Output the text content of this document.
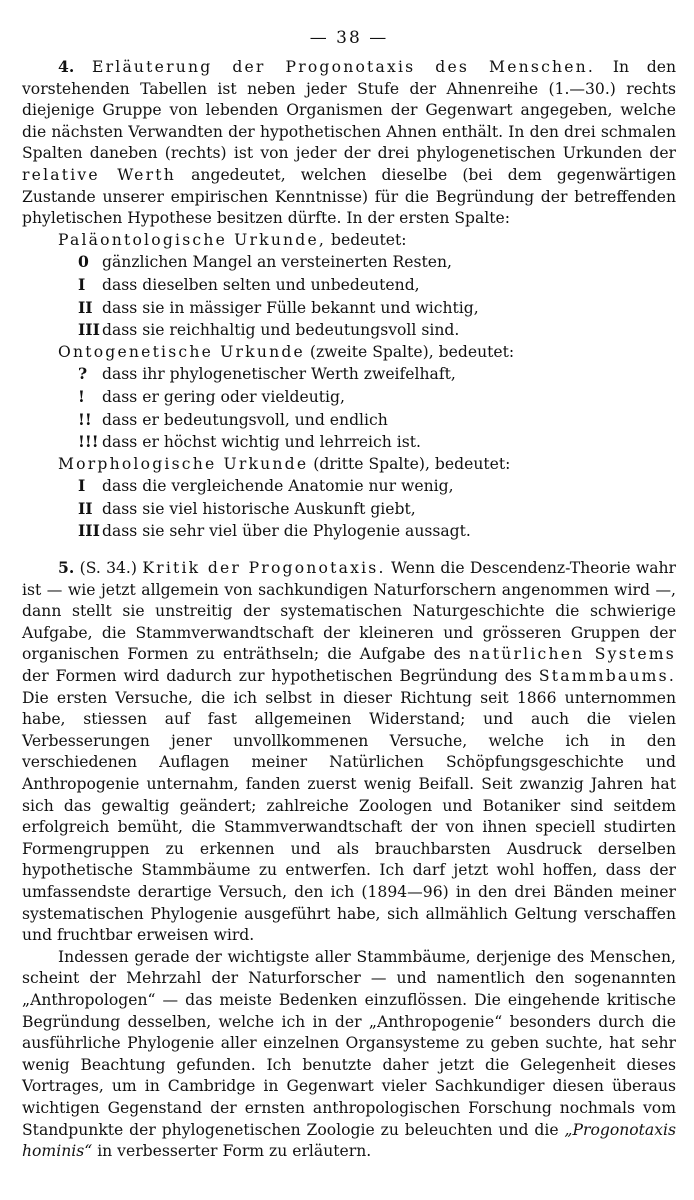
— 38 —

4. Erläuterung der Progonotaxis des Menschen. In den vorstehenden Tabellen ist neben jeder Stufe der Ahnenreihe (1.—30.) rechts diejenige Gruppe von lebenden Organismen der Gegenwart angegeben, welche die nächsten Verwandten der hypothetischen Ahnen enthält. In den drei schmalen Spalten daneben (rechts) ist von jeder der drei phylogenetischen Urkunden der relative Werth angedeutet, welchen dieselbe (bei dem gegenwärtigen Zustande unserer empirischen Kenntnisse) für die Begründung der betreffenden phyletischen Hypothese besitzen dürfte. In der ersten Spalte:

Paläontologische Urkunde, bedeutet:
0 gänzlichen Mangel an versteinerten Resten,
I dass dieselben selten und unbedeutend,
II dass sie in mässiger Fülle bekannt und wichtig,
III dass sie reichhaltig und bedeutungsvoll sind.
Ontogenetische Urkunde (zweite Spalte), bedeutet:
? dass ihr phylogenetischer Werth zweifelhaft,
! dass er gering oder vieldeutig,
!! dass er bedeutungsvoll, und endlich
!!! dass er höchst wichtig und lehrreich ist.
Morphologische Urkunde (dritte Spalte), bedeutet:
I dass die vergleichende Anatomie nur wenig,
II dass sie viel historische Auskunft giebt,
III dass sie sehr viel über die Phylogenie aussagt.

5. (S. 34.) Kritik der Progonotaxis. Wenn die Descendenz-Theorie wahr ist — wie jetzt allgemein von sachkundigen Naturforschern angenommen wird —, dann stellt sie unstreitig der systematischen Naturgeschichte die schwierige Aufgabe, die Stammverwandtschaft der kleineren und grösseren Gruppen der organischen Formen zu enträthseln; die Aufgabe des natürlichen Systems der Formen wird dadurch zur hypothetischen Begründung des Stammbaums. Die ersten Versuche, die ich selbst in dieser Richtung seit 1866 unternommen habe, stiessen auf fast allgemeinen Widerstand; und auch die vielen Verbesserungen jener unvollkommenen Versuche, welche ich in den verschiedenen Auflagen meiner Natürlichen Schöpfungsgeschichte und Anthropogenie unternahm, fanden zuerst wenig Beifall. Seit zwanzig Jahren hat sich das gewaltig geändert; zahlreiche Zoologen und Botaniker sind seitdem erfolgreich bemüht, die Stammverwandtschaft der von ihnen speciell studirten Formengruppen zu erkennen und als brauchbarsten Ausdruck derselben hypothetische Stammbäume zu entwerfen. Ich darf jetzt wohl hoffen, dass der umfassendste derartige Versuch, den ich (1894—96) in den drei Bänden meiner systematischen Phylogenie ausgeführt habe, sich allmählich Geltung verschaffen und fruchtbar erweisen wird.

Indessen gerade der wichtigste aller Stammbäume, derjenige des Menschen, scheint der Mehrzahl der Naturforscher — und namentlich den sogenannten „Anthropologen“ — das meiste Bedenken einzuflössen. Die eingehende kritische Begründung desselben, welche ich in der „Anthropogenie“ besonders durch die ausführliche Phylogenie aller einzelnen Organsysteme zu geben suchte, hat sehr wenig Beachtung gefunden. Ich benutzte daher jetzt die Gelegenheit dieses Vortrages, um in Cambridge in Gegenwart vieler Sachkundiger diesen überaus wichtigen Gegenstand der ernsten anthropologischen Forschung nochmals vom Standpunkte der phylogenetischen Zoologie zu beleuchten und die „Progonotaxis hominis“ in verbesserter Form zu erläutern.
